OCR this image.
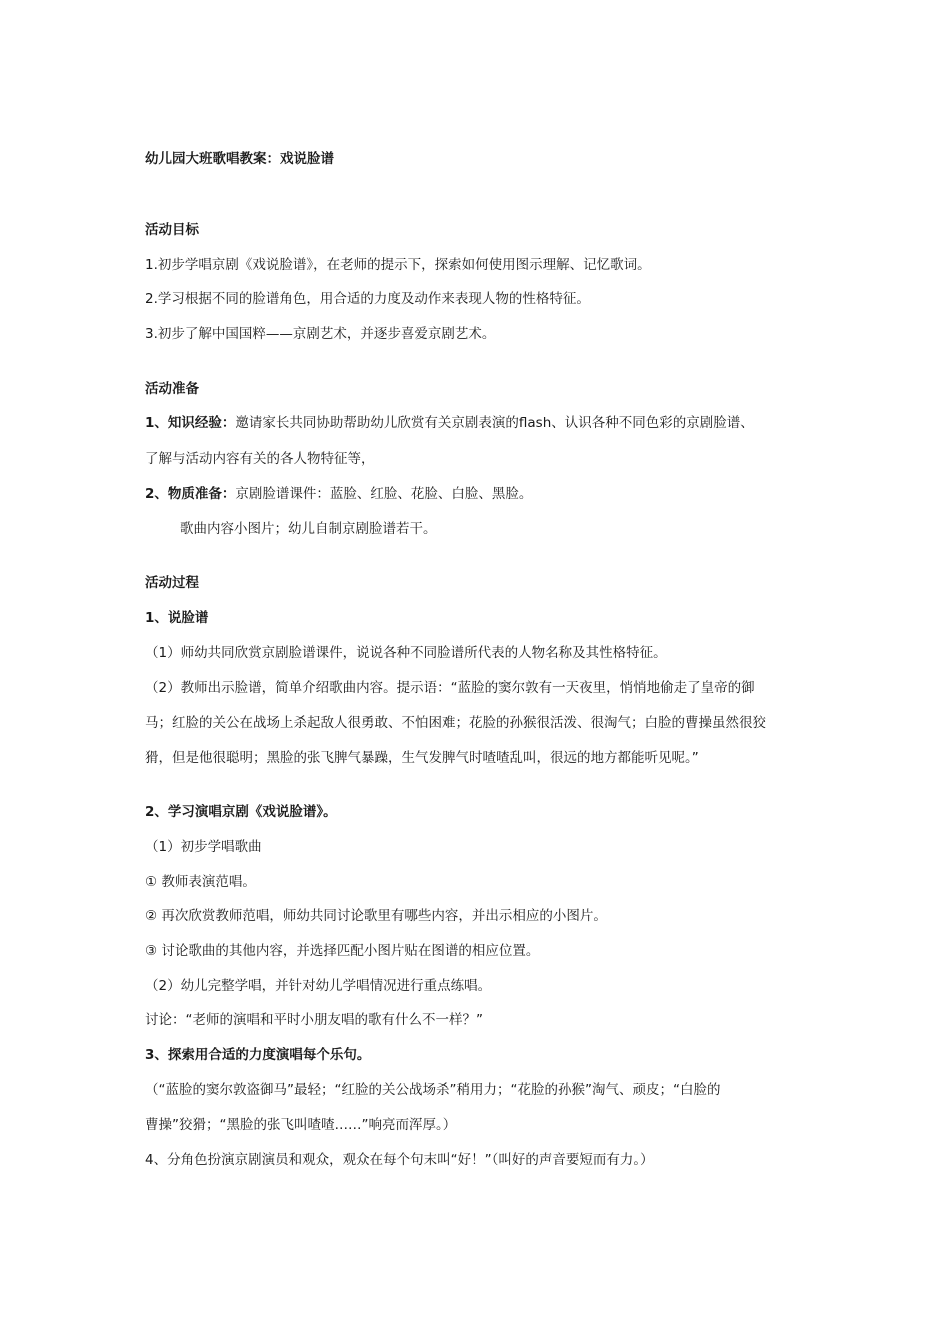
幼儿园大班歌唱教案：戏说脸谱
活动目标
1.初步学唱京剧《戏说脸谱》，在老师的提示下，探索如何使用图示理解、记忆歌词。
2.学习根据不同的脸谱角色，用合适的力度及动作来表现人物的性格特征。
3.初步了解中国国粹——京剧艺术，并逐步喜爱京剧艺术。
活动准备
1、知识经验：邀请家长共同协助帮助幼儿欣赏有关京剧表演的flash、认识各种不同色彩的京剧脸谱、
了解与活动内容有关的各人物特征等，
2、物质准备：京剧脸谱课件：蓝脸、红脸、花脸、白脸、黑脸。
歌曲内容小图片；幼儿自制京剧脸谱若干。
活动过程
1、说脸谱
（1）师幼共同欣赏京剧脸谱课件，说说各种不同脸谱所代表的人物名称及其性格特征。
（2）教师出示脸谱，简单介绍歌曲内容。提示语：“蓝脸的窦尔敦有一天夜里，悄悄地偷走了皇帝的御
马；红脸的关公在战场上杀起敌人很勇敢、不怕困难；花脸的孙猴很活泼、很淘气；白脸的曹操虽然很狡
猾，但是他很聪明；黑脸的张飞脾气暴躁，生气发脾气时喳喳乱叫，很远的地方都能听见呢。”
2、学习演唱京剧《戏说脸谱》。
（1）初步学唱歌曲
① 教师表演范唱。
② 再次欣赏教师范唱，师幼共同讨论歌里有哪些内容，并出示相应的小图片。
③ 讨论歌曲的其他内容，并选择匹配小图片贴在图谱的相应位置。
（2）幼儿完整学唱，并针对幼儿学唱情况进行重点练唱。
讨论：“老师的演唱和平时小朋友唱的歌有什么不一样？”
3、探索用合适的力度演唱每个乐句。
（“蓝脸的窦尔敦盗御马”最轻；“红脸的关公战场杀”稍用力；“花脸的孙猴”淘气、顽皮；“白脸的
曹操”狡猾；“黑脸的张飞叫喳喳……”响亮而浑厚。）
4、分角色扮演京剧演员和观众，观众在每个句末叫“好！”（叫好的声音要短而有力。）
